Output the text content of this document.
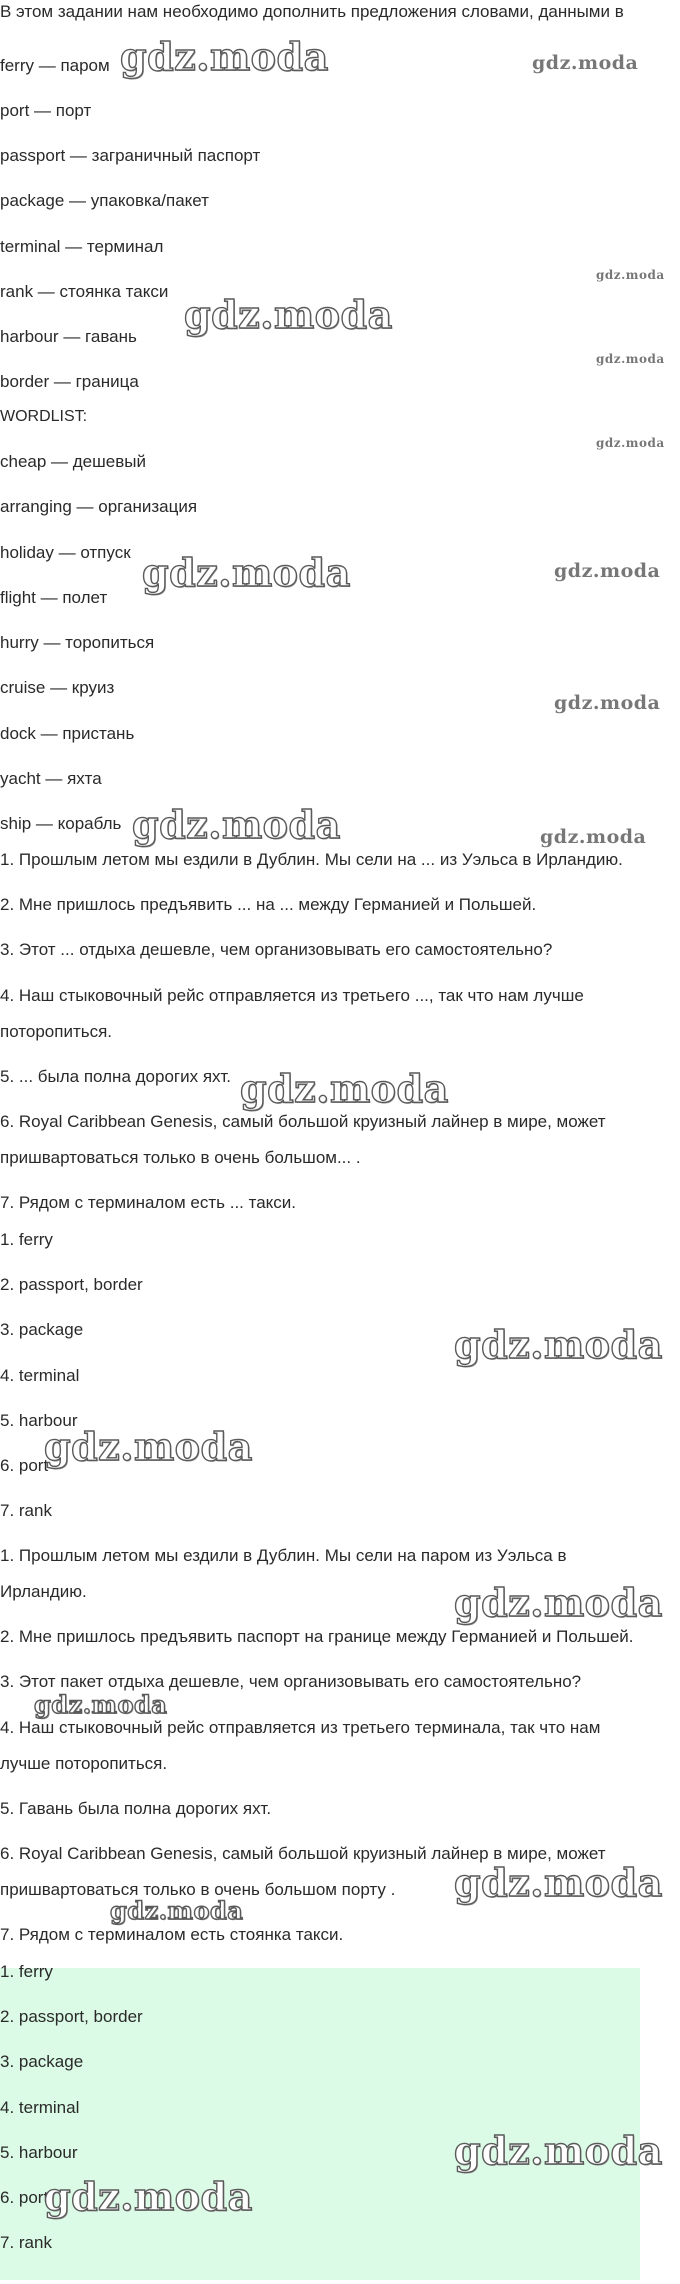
В этом задании нам необходимо дополнить предложения словами, данными в
ferry — паром
port — порт
passport — заграничный паспорт
package — упаковка/пакет
terminal — терминал
rank — стоянка такси
harbour — гавань
border — граница
WORDLIST:
cheap — дешевый
arranging — организация
holiday — отпуск
flight — полет
hurry — торопиться
cruise — круиз
dock — пристань
yacht — яхта
ship — корабль
1. Прошлым летом мы ездили в Дублин. Мы сели на ... из Уэльса в Ирландию.
2. Мне пришлось предъявить ... на ... между Германией и Польшей.
3. Этот ... отдыха дешевле, чем организовывать его самостоятельно?
4. Наш стыковочный рейс отправляется из третьего ..., так что нам лучше
поторопиться.
5. ... была полна дорогих яхт.
6. Royal Caribbean Genesis, самый большой круизный лайнер в мире, может
пришвартоваться только в очень большом... .
7. Рядом с терминалом есть ... такси.
1. ferry
2. passport, border
3. package
4. terminal
5. harbour
6. port
7. rank
1. Прошлым летом мы ездили в Дублин. Мы сели на паром из Уэльса в
Ирландию.
2. Мне пришлось предъявить паспорт на границе между Германией и Польшей.
3. Этот пакет отдыха дешевле, чем организовывать его самостоятельно?
4. Наш стыковочный рейс отправляется из третьего терминала, так что нам
лучше поторопиться.
5. Гавань была полна дорогих яхт.
6. Royal Caribbean Genesis, самый большой круизный лайнер в мире, может
пришвартоваться только в очень большом порту .
7. Рядом с терминалом есть стоянка такси.
1. ferry
2. passport, border
3. package
4. terminal
5. harbour
6. port
7. rank
gdz.moda	gdz.moda
gdz.moda
gdz.moda
gdz.moda
gdz.moda
gdz.moda	gdz.moda
gdz.moda
gdz.moda	gdz.moda
gdz.moda
gdz.moda
gdz.moda
gdz.moda
gdz.moda
gdz.moda
gdz.moda
gdz.moda
gdz.moda
